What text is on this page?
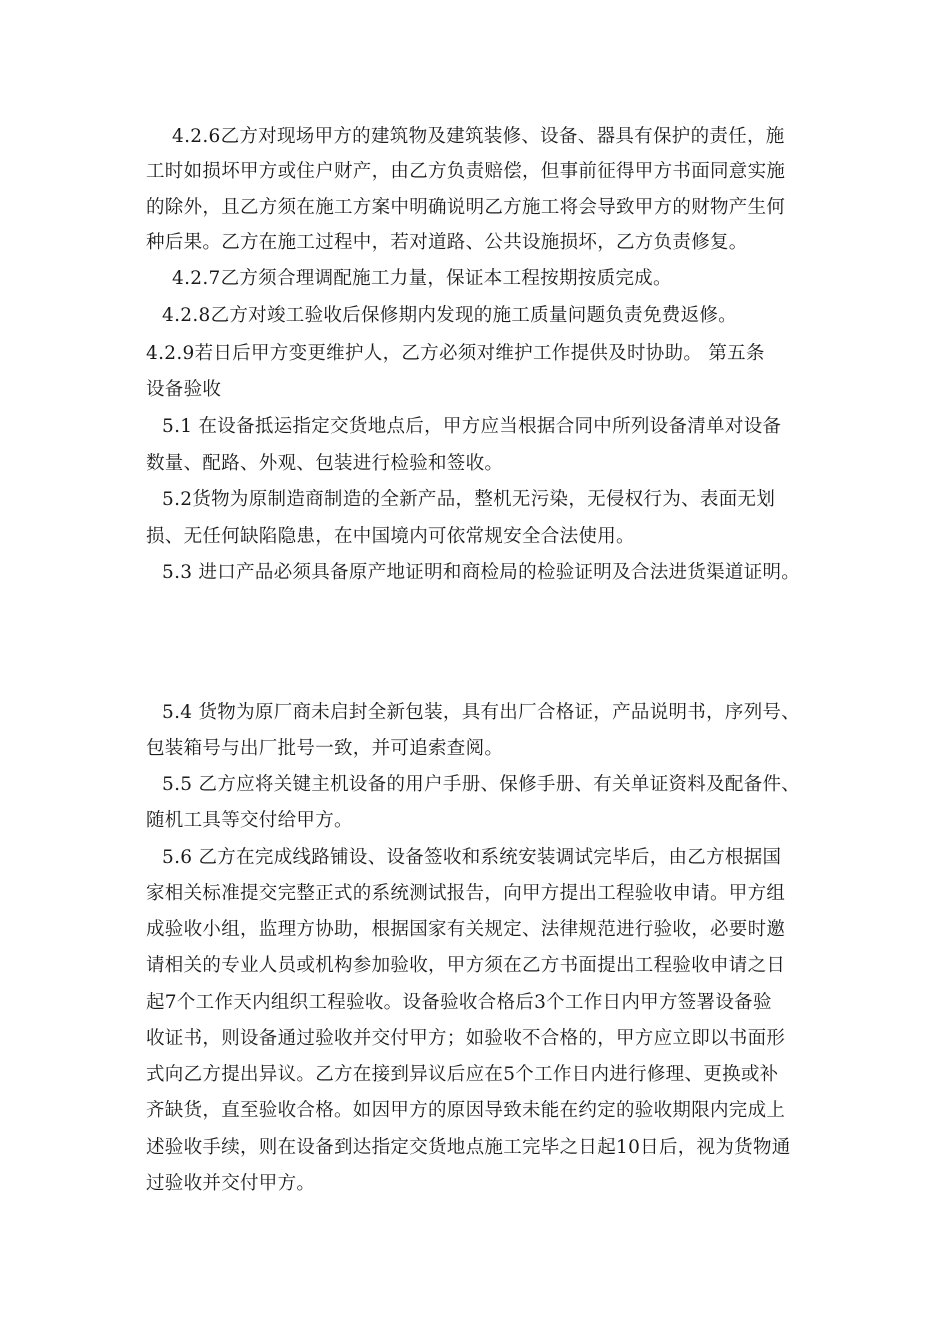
4.2.6乙方对现场甲方的建筑物及建筑装修、设备、器具有保护的责任，施
工时如损坏甲方或住户财产，由乙方负责赔偿，但事前征得甲方书面同意实施
的除外，且乙方须在施工方案中明确说明乙方施工将会导致甲方的财物产生何
种后果。乙方在施工过程中，若对道路、公共设施损坏，乙方负责修复。
4.2.7乙方须合理调配施工力量，保证本工程按期按质完成。
4.2.8乙方对竣工验收后保修期内发现的施工质量问题负责免费返修。
4.2.9若日后甲方变更维护人，乙方必须对维护工作提供及时协助。 第五条
设备验收
5.1 在设备抵运指定交货地点后，甲方应当根据合同中所列设备清单对设备
数量、配路、外观、包装进行检验和签收。
5.2货物为原制造商制造的全新产品，整机无污染，无侵权行为、表面无划
损、无任何缺陷隐患，在中国境内可依常规安全合法使用。
5.3 进口产品必须具备原产地证明和商检局的检验证明及合法进货渠道证明。
5.4 货物为原厂商未启封全新包装，具有出厂合格证，产品说明书，序列号、
包装箱号与出厂批号一致，并可追索查阅。
5.5 乙方应将关键主机设备的用户手册、保修手册、有关单证资料及配备件、
随机工具等交付给甲方。
5.6 乙方在完成线路铺设、设备签收和系统安装调试完毕后，由乙方根据国
家相关标准提交完整正式的系统测试报告，向甲方提出工程验收申请。甲方组
成验收小组，监理方协助，根据国家有关规定、法律规范进行验收，必要时邀
请相关的专业人员或机构参加验收，甲方须在乙方书面提出工程验收申请之日
起7个工作天内组织工程验收。设备验收合格后3个工作日内甲方签署设备验
收证书，则设备通过验收并交付甲方；如验收不合格的，甲方应立即以书面形
式向乙方提出异议。乙方在接到异议后应在5个工作日内进行修理、更换或补
齐缺货，直至验收合格。如因甲方的原因导致未能在约定的验收期限内完成上
述验收手续，则在设备到达指定交货地点施工完毕之日起10日后，视为货物通
过验收并交付甲方。
